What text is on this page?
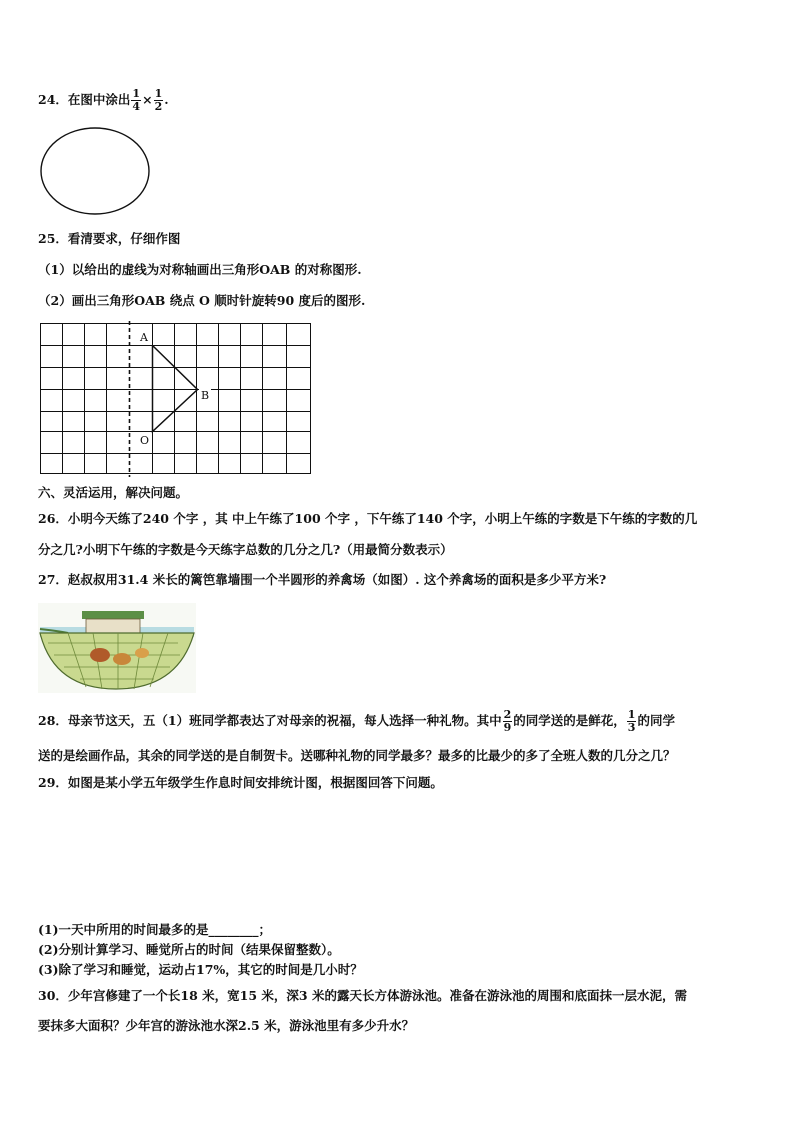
24．在图中涂出 $\frac{1}{4} \times \frac{1}{2}$ .
25．看清要求，仔细作图
（1）以给出的虚线为对称轴画出三角形OAB 的对称图形.
（2）画出三角形OAB 绕点 O 顺时针旋转90 度后的图形.
A
B
O
六、灵活运用，解决问题。
26．小明今天练了240 个字 ，其 中上午练了100 个字 ，下午练了140 个字，小明上午练的字数是下午练的字数的几
分之几?小明下午练的字数是今天练字总数的几分之几?（用最简分数表示）
27．赵叔叔用31.4 米长的篱笆靠墙围一个半圆形的养禽场（如图）. 这个养禽场的面积是多少平方米?
28．母亲节这天，五（1）班同学都表达了对母亲的祝福，每人选择一种礼物。其中 $\frac{2}{9}$ 的同学送的是鲜花， $\frac{1}{3}$ 的同学
送的是绘画作品，其余的同学送的是自制贺卡。送哪种礼物的同学最多？最多的比最少的多了全班人数的几分之几？
29．如图是某小学五年级学生作息时间安排统计图，根据图回答下问题。
(1)一天中所用的时间最多的是________；
(2)分别计算学习、睡觉所占的时间（结果保留整数）。
(3)除了学习和睡觉，运动占17%，其它的时间是几小时？
30．少年宫修建了一个长18 米，宽15 米，深3 米的露天长方体游泳池。准备在游泳池的周围和底面抹一层水泥，需
要抹多大面积？少年宫的游泳池水深2.5 米，游泳池里有多少升水？
